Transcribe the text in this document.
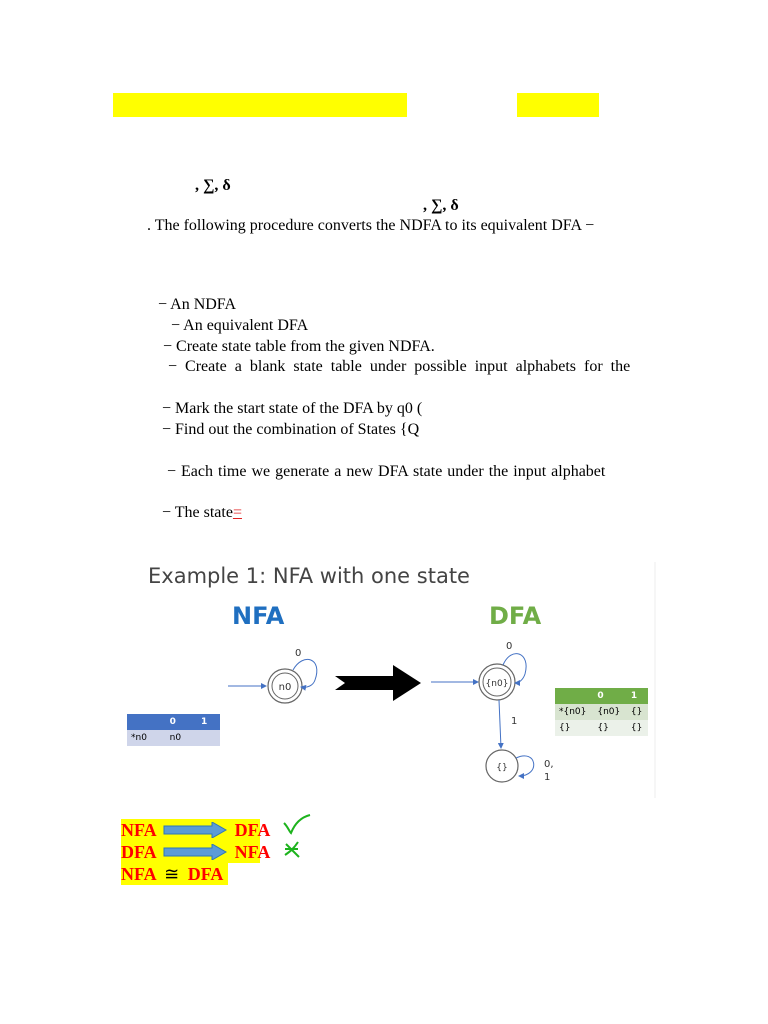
, ∑, δ
, ∑, δ
. The following procedure converts the NDFA to its equivalent DFA −
− An NDFA
− An equivalent DFA
− Create state table from the given NDFA.
− Create a blank state table under possible input alphabets for the
− Mark the start state of the DFA by q0 (
− Find out the combination of States {Q
− Each time we generate a new DFA state under the input alphabet
− The state=
Example 1: NFA with one state
NFA	DFA
n0
0
{n0}
0
1
{}	0,
1
	0	1
*n0	n0	
	0	1
*{n0}	{n0}	{}
{}	{}	{}
NFA	DFA
DFA	NFA
NFA ≅ DFA
